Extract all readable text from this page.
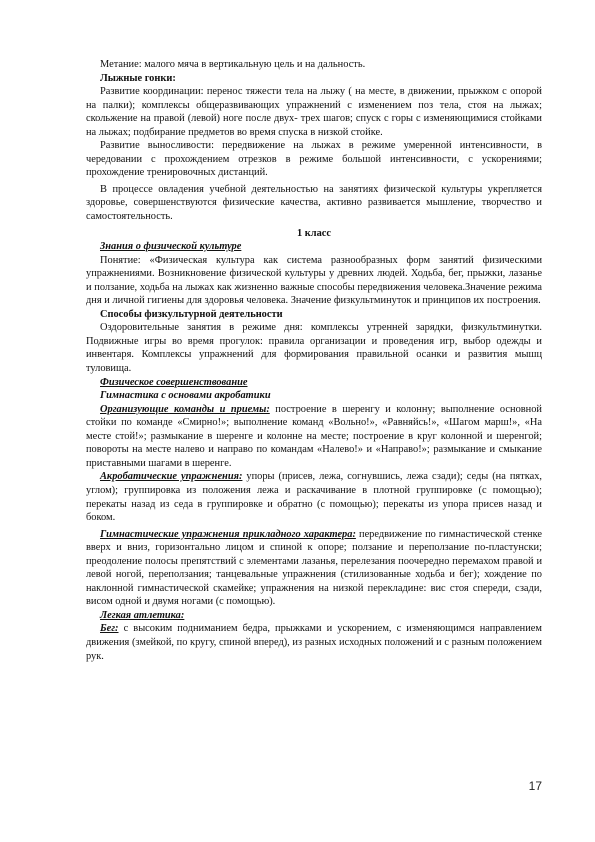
Метание: малого мяча в вертикальную цель и на дальность.

Лыжные гонки:

Развитие координации: перенос тяжести тела на лыжу ( на месте, в движении, прыжком с опорой на палки); комплексы общеразвивающих упражнений с изменением поз тела, стоя на лыжах; скольжение на правой (левой) ноге после двух- трех шагов; спуск с горы с изменяющимися стойками на лыжах; подбирание предметов во время спуска в низкой стойке.

Развитие выносливости: передвижение на лыжах в режиме умеренной интенсивности, в чередовании с прохождением отрезков в режиме большой интенсивности, с ускорениями; прохождение тренировочных дистанций.

В процессе овладения учебной деятельностью на занятиях физической культуры укрепляется здоровье, совершенствуются физические качества, активно развивается мышление, творчество и самостоятельность.

1 класс

Знания о физической культуре

Понятие: «Физическая культура как система разнообразных форм занятий физическими упражнениями. Возникновение физической культуры у древних людей. Ходьба, бег, прыжки, лазанье и ползание, ходьба на лыжах как жизненно важные способы передвижения человека.Значение режима дня и личной гигиены для здоровья человека. Значение физкультминуток и принципов их построения.

Способы физкультурной деятельности

Оздоровительные занятия в режиме дня: комплексы утренней зарядки, физкультминутки. Подвижные игры во время прогулок: правила организации и проведения игр, выбор одежды и инвентаря. Комплексы упражнений для формирования правильной осанки и развития мышц туловища.

Физическое совершенствование

Гимнастика с основами акробатики

Организующие команды и приемы: построение в шеренгу и колонну; выполнение основной стойки по команде «Смирно!»; выполнение команд «Вольно!», «Равняйсь!», «Шагом марш!», «На месте стой!»; размыкание в шеренге и колонне на месте; построение в круг колонной и шеренгой; повороты на месте налево и направо по командам «Налево!» и «Направо!»; размыкание и смыкание приставными шагами в шеренге.

Акробатические упражнения: упоры (присев, лежа, согнувшись, лежа сзади); седы (на пятках, углом); группировка из положения лежа и раскачивание в плотной группировке (с помощью); перекаты назад из седа в группировке и обратно (с помощью); перекаты из упора присев назад и боком.

Гимнастические упражнения прикладного характера: передвижение по гимнастической стенке вверх и вниз, горизонтально лицом и спиной к опоре; ползание и переползание по-пластунски; преодоление полосы препятствий с элементами лазанья, перелезания поочередно перемахом правой и левой ногой, переползания; танцевальные упражнения (стилизованные ходьба и бег); хождение по наклонной гимнастической скамейке; упражнения на низкой перекладине: вис стоя спереди, сзади, висом одной и двумя ногами (с помощью).

Легкая атлетика:

Бег: с высоким подниманием бедра, прыжками и ускорением, с изменяющимся направлением движения (змейкой, по кругу, спиной вперед), из разных исходных положений и с разным положением рук.

17
